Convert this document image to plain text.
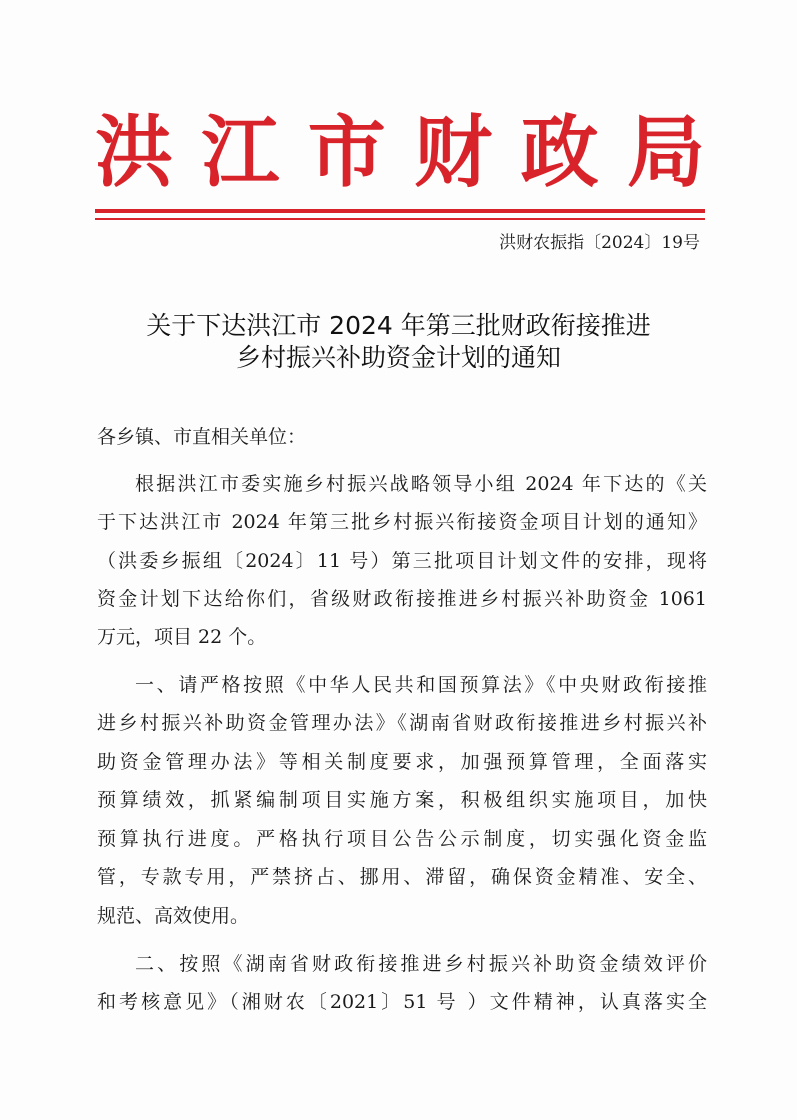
洪 江 市 财 政 局
洪财农振指〔2024〕19号
关于下达洪江市 2024 年第三批财政衔接推进
乡村振兴补助资金计划的通知
各乡镇、市直相关单位：
根据洪江市委实施乡村振兴战略领导小组 2024 年下达的《关
于下达洪江市 2024 年第三批乡村振兴衔接资金项目计划的通知》
（洪委乡振组〔2024〕11 号）第三批项目计划文件的安排，现将
资金计划下达给你们，省级财政衔接推进乡村振兴补助资金 1061
万元，项目 22 个。
一、请严格按照《中华人民共和国预算法》《中央财政衔接推
进乡村振兴补助资金管理办法》《湖南省财政衔接推进乡村振兴补
助资金管理办法》等相关制度要求，加强预算管理，全面落实
预算绩效，抓紧编制项目实施方案，积极组织实施项目，加快
预算执行进度。严格执行项目公告公示制度，切实强化资金监
管，专款专用，严禁挤占、挪用、滞留，确保资金精准、安全、
规范、高效使用。
二、按照《湖南省财政衔接推进乡村振兴补助资金绩效评价
和考核意见》（湘财农〔2021〕51 号 ）文件精神，认真落实全
